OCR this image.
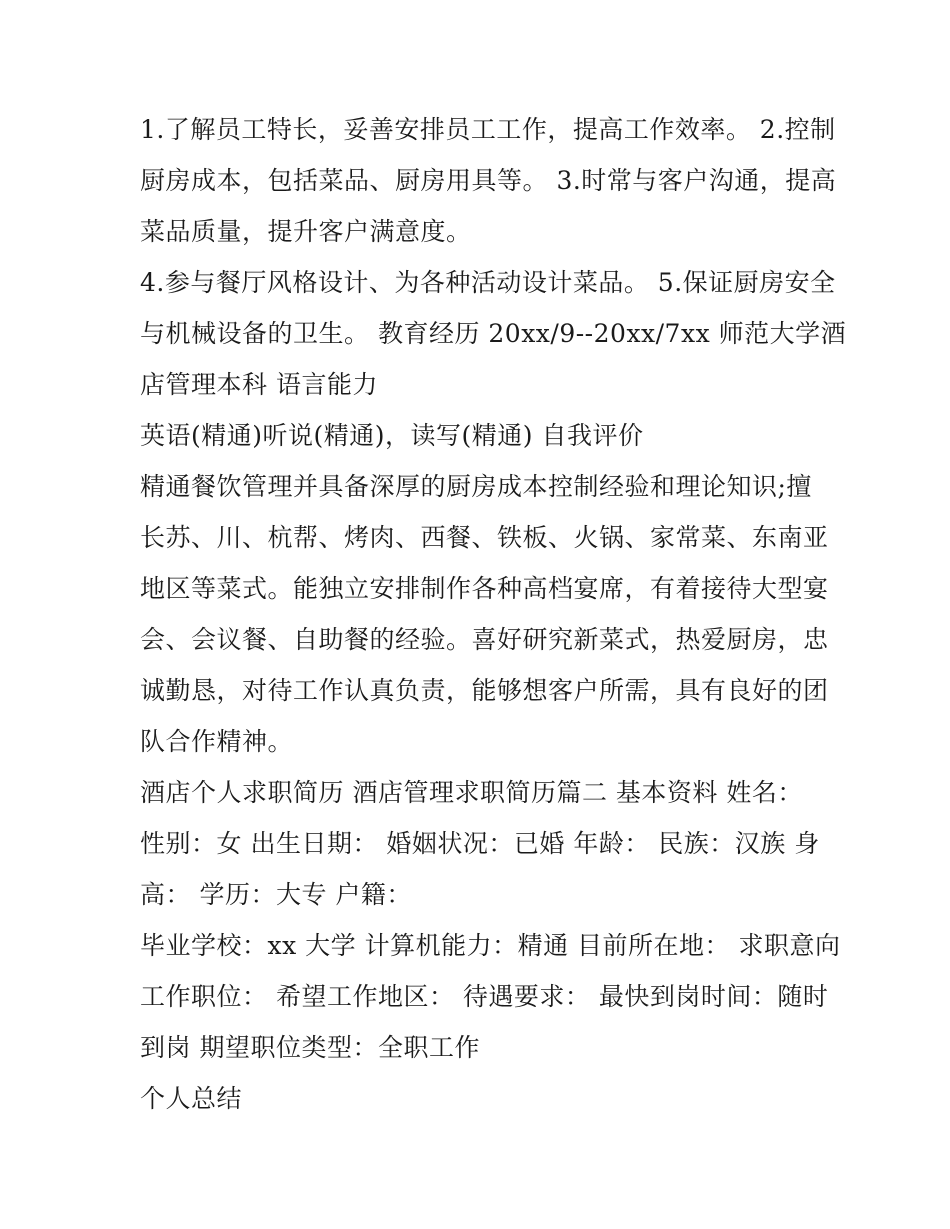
1.了解员工特长，妥善安排员工工作，提高工作效率。 2.控制
厨房成本，包括菜品、厨房用具等。 3.时常与客户沟通，提高
菜品质量，提升客户满意度。
4.参与餐厅风格设计、为各种活动设计菜品。 5.保证厨房安全
与机械设备的卫生。 教育经历 20xx/9--20xx/7xx 师范大学酒
店管理本科 语言能力
英语(精通)听说(精通)，读写(精通) 自我评价
精通餐饮管理并具备深厚的厨房成本控制经验和理论知识;擅
长苏、川、杭帮、烤肉、西餐、铁板、火锅、家常菜、东南亚
地区等菜式。能独立安排制作各种高档宴席，有着接待大型宴
会、会议餐、自助餐的经验。喜好研究新菜式，热爱厨房，忠
诚勤恳，对待工作认真负责，能够想客户所需，具有良好的团
队合作精神。
酒店个人求职简历 酒店管理求职简历篇二 基本资料 姓名：
性别：女 出生日期： 婚姻状况：已婚 年龄： 民族：汉族 身
高： 学历：大专 户籍：
毕业学校：xx 大学 计算机能力：精通 目前所在地： 求职意向
工作职位： 希望工作地区： 待遇要求： 最快到岗时间：随时
到岗 期望职位类型：全职工作
个人总结
